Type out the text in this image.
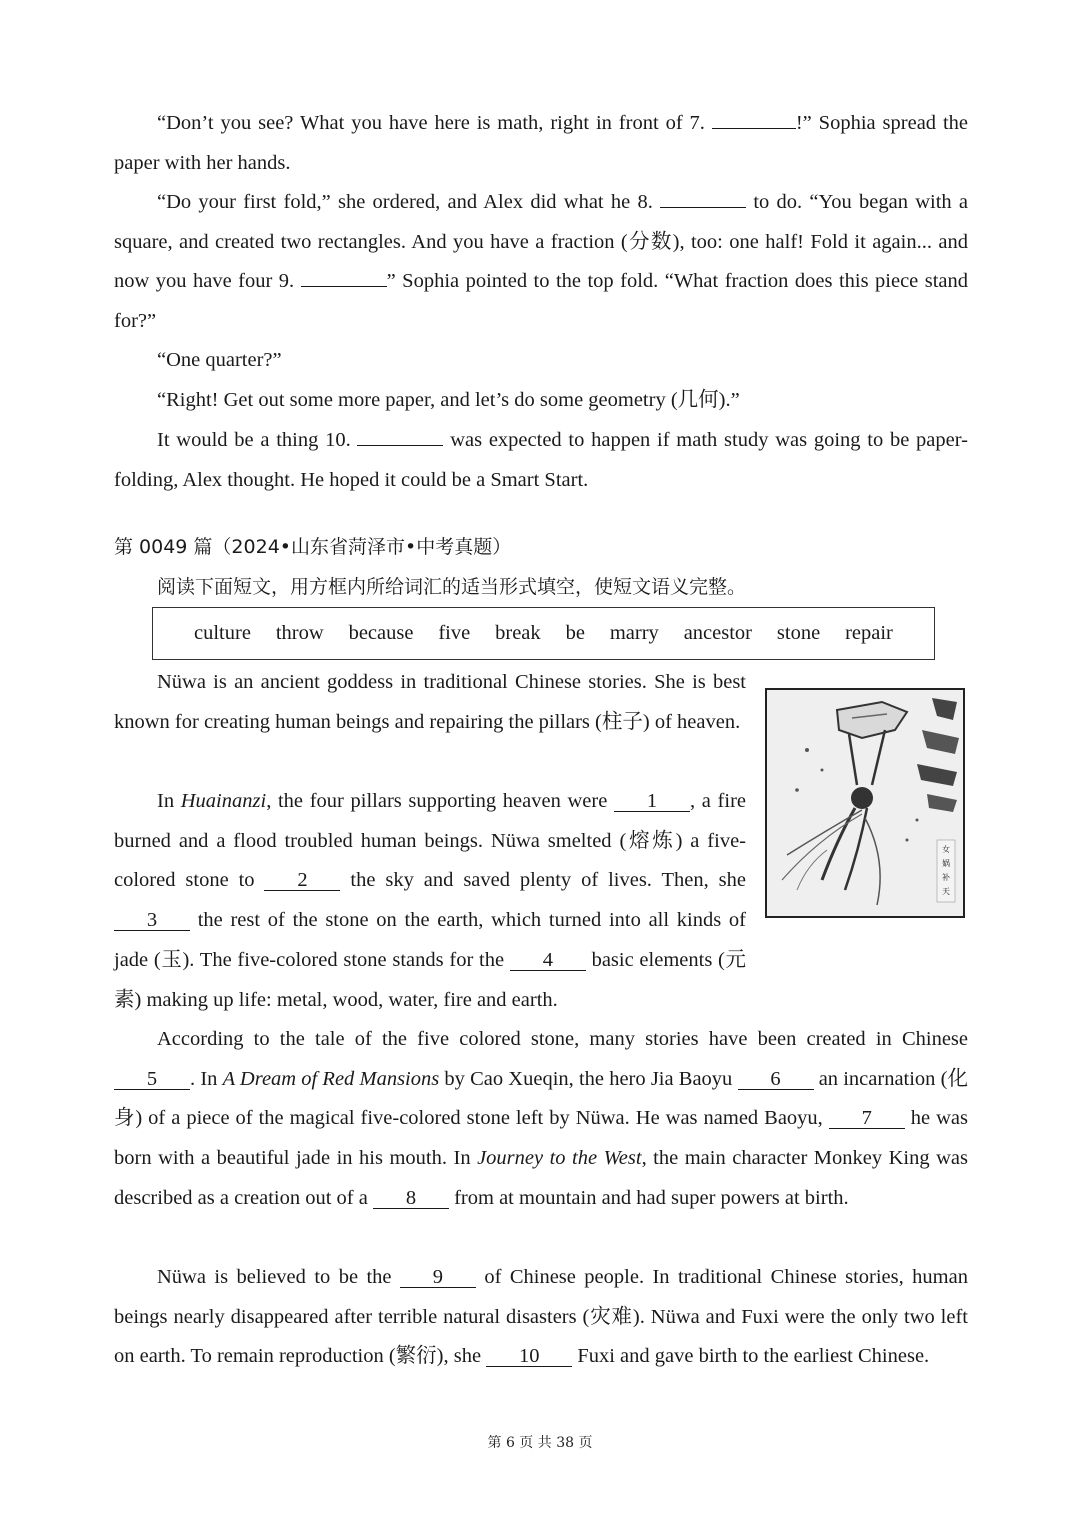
“Don’t you see? What you have here is math, right in front of 7.	!” Sophia spread the paper with her hands.

“Do your first fold,” she ordered, and Alex did what he 8.	to do. “You began with a square, and created two rectangles. And you have a fraction (分数), too: one half! Fold it again... and now you have four 9.	” Sophia pointed to the top fold. “What fraction does this piece stand for?”

“One quarter?”

“Right! Get out some more paper, and let’s do some geometry (几何).”

It would be a thing 10.	was expected to happen if math study was going to be paper-folding, Alex thought. He hoped it could be a Smart Start.

第 0049 篇（2024•山东省菏泽市•中考真题）

阅读下面短文，用方框内所给词汇的适当形式填空，使短文语义完整。

culture throw because five break be marry ancestor stone repair
女
娲
补
天

Nüwa is an ancient goddess in traditional Chinese stories. She is best known for creating human beings and repairing the pillars (柱子) of heaven.

In Huainanzi, the four pillars supporting heaven were 1 , a fire burned and a flood troubled human beings. Nüwa smelted (熔炼) a five-colored stone to 2 the sky and saved plenty of lives. Then, she 3 the rest of the stone on the earth, which turned into all kinds of jade (玉). The five-colored stone stands for the 4 basic elements (元素) making up life: metal, wood, water, fire and earth.

According to the tale of the five colored stone, many stories have been created in Chinese 5 . In A Dream of Red Mansions by Cao Xueqin, the hero Jia Baoyu 6 an incarnation (化身) of a piece of the magical five-colored stone left by Nüwa. He was named Baoyu, 7 he was born with a beautiful jade in his mouth. In Journey to the West, the main character Monkey King was described as a creation out of a 8 from at mountain and had super powers at birth.

Nüwa is believed to be the 9 of Chinese people. In traditional Chinese stories, human beings nearly disappeared after terrible natural disasters (灾难). Nüwa and Fuxi were the only two left on earth. To remain reproduction (繁衍), she 10 Fuxi and gave birth to the earliest Chinese.

第 6 页 共 38 页
